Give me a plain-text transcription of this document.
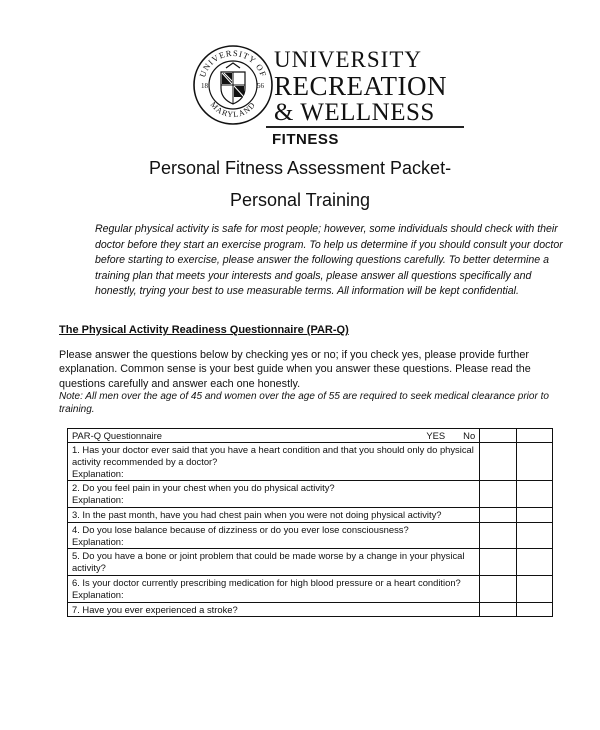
UNIVERSITY OF
MARYLAND
18	56
UNIVERSITY
RECREATION
& WELLNESS
FITNESS
Personal Fitness Assessment Packet-
Personal Training
Regular physical activity is safe for most people; however, some individuals should check with their doctor before they start an exercise program. To help us determine if you should consult your doctor before starting to exercise, please answer the following questions carefully. To better determine a training plan that meets your interests and goals, please answer all questions specifically and honestly, trying your best to use measurable terms. All information will be kept confidential.
The Physical Activity Readiness Questionnaire (PAR-Q)
Please answer the questions below by checking yes or no; if you check yes, please provide further explanation. Common sense is your best guide when you answer these questions. Please read the questions carefully and answer each one honestly.
Note: All men over the age of 45 and women over the age of 55 are required to seek medical clearance prior to training.
PAR-Q Questionnaire YES No		

1. Has your doctor ever said that you have a heart condition and that you should only do physical activity recommended by a doctor?
Explanation:		

2. Do you feel pain in your chest when you do physical activity?
Explanation:		

3. In the past month, have you had chest pain when you were not doing physical activity?		
4. Do you lose balance because of dizziness or do you ever lose consciousness?
Explanation:		

5. Do you have a bone or joint problem that could be made worse by a change in your physical activity?		
6. Is your doctor currently prescribing medication for high blood pressure or a heart condition?
Explanation:		

7. Have you ever experienced a stroke?		
